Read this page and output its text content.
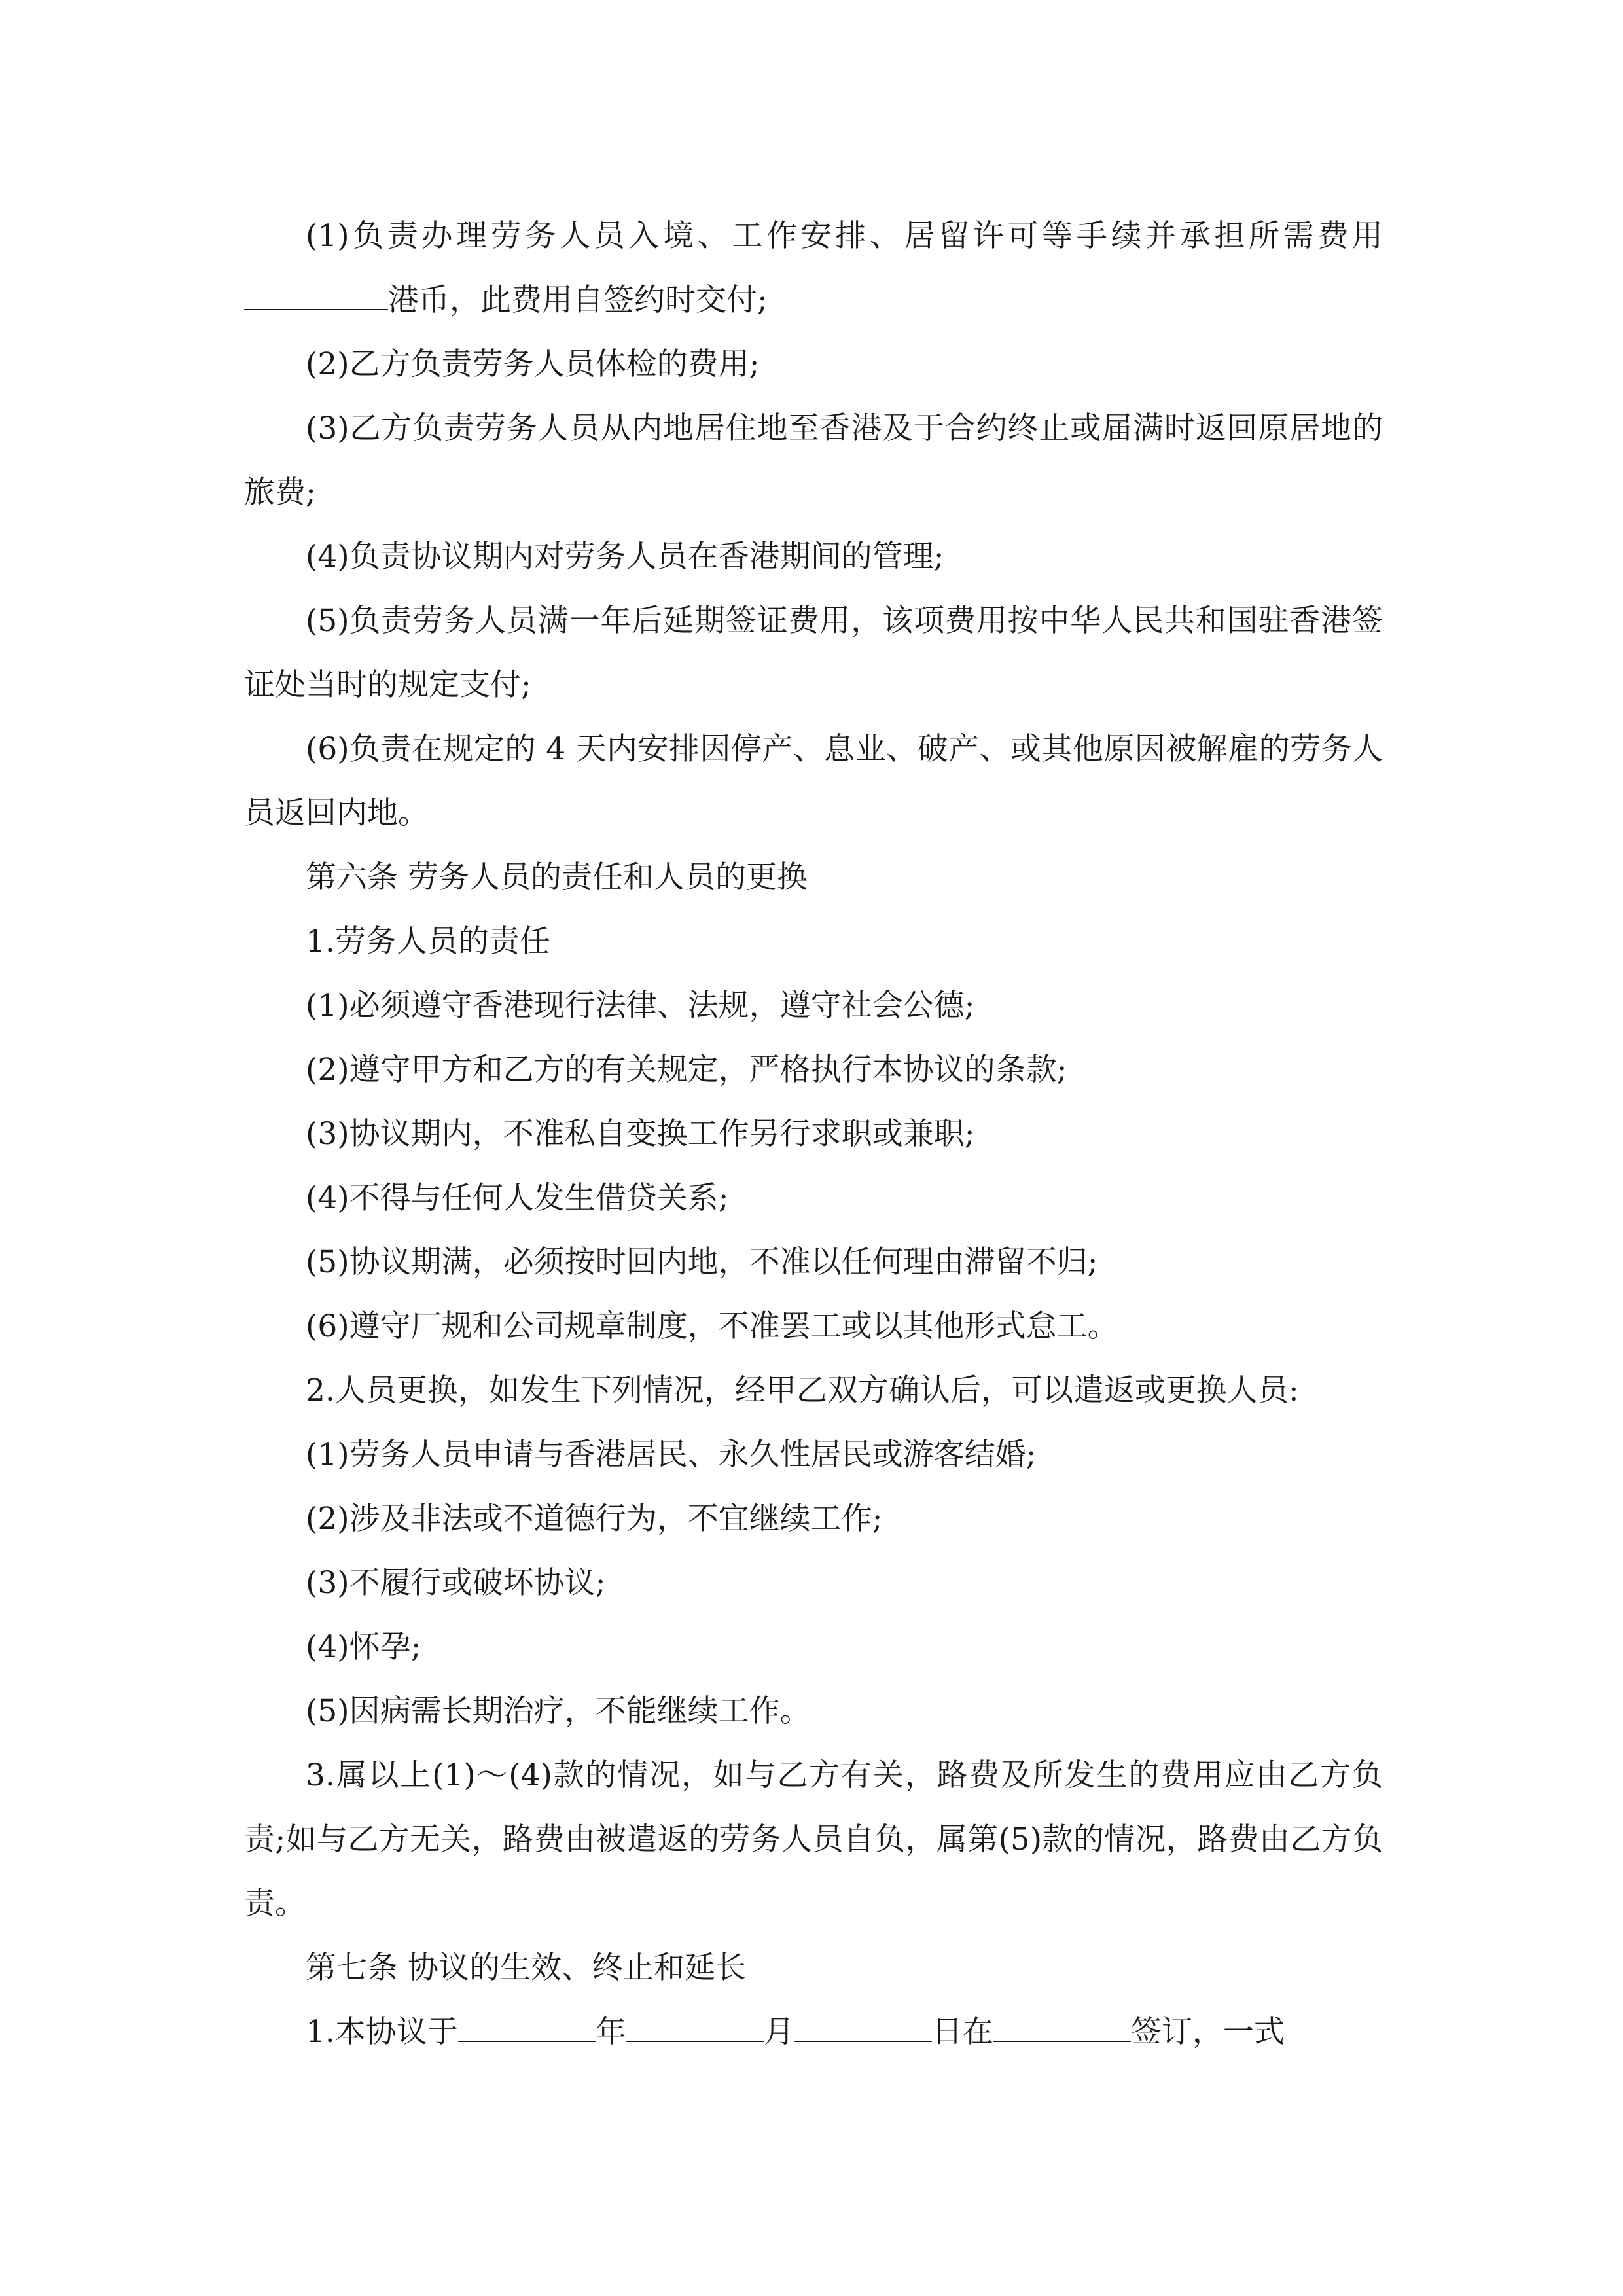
(1)负责办理劳务人员入境、工作安排、居留许可等手续并承担所需费用港币，此费用自签约时交付;

(2)乙方负责劳务人员体检的费用;

(3)乙方负责劳务人员从内地居住地至香港及于合约终止或届满时返回原居地的旅费;

(4)负责协议期内对劳务人员在香港期间的管理;

(5)负责劳务人员满一年后延期签证费用，该项费用按中华人民共和国驻香港签证处当时的规定支付;

(6)负责在规定的 4 天内安排因停产、息业、破产、或其他原因被解雇的劳务人员返回内地。

第六条 劳务人员的责任和人员的更换

1.劳务人员的责任

(1)必须遵守香港现行法律、法规，遵守社会公德;

(2)遵守甲方和乙方的有关规定，严格执行本协议的条款;

(3)协议期内，不准私自变换工作另行求职或兼职;

(4)不得与任何人发生借贷关系;

(5)协议期满，必须按时回内地，不准以任何理由滞留不归;

(6)遵守厂规和公司规章制度，不准罢工或以其他形式怠工。

2.人员更换，如发生下列情况，经甲乙双方确认后，可以遣返或更换人员:

(1)劳务人员申请与香港居民、永久性居民或游客结婚;

(2)涉及非法或不道德行为，不宜继续工作;

(3)不履行或破坏协议;

(4)怀孕;

(5)因病需长期治疗，不能继续工作。

3.属以上(1)～(4)款的情况，如与乙方有关，路费及所发生的费用应由乙方负责;如与乙方无关，路费由被遣返的劳务人员自负，属第(5)款的情况，路费由乙方负责。

第七条 协议的生效、终止和延长

1.本协议于	年	月	日在	签订，一式
